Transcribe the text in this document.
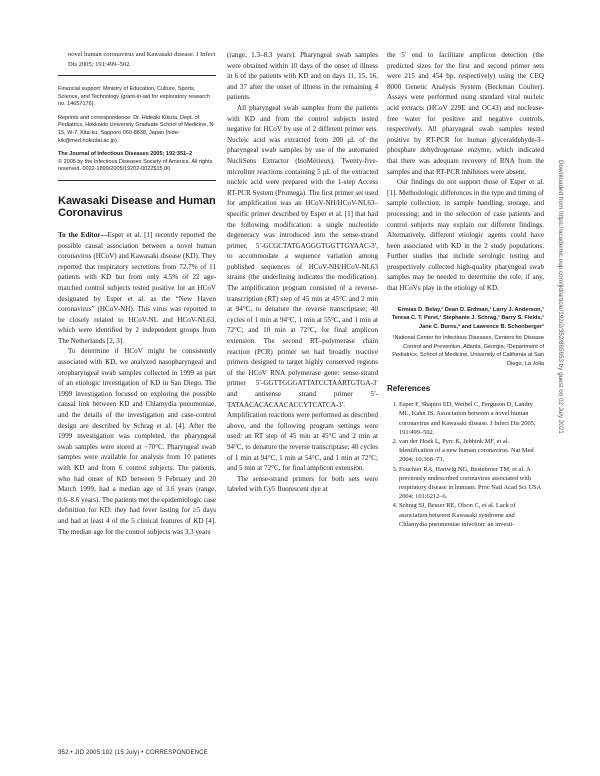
novel human coronavirus and Kawasaki disease. J Infect Dis 2005; 191:499–502.

Financial support: Ministry of Education, Culture, Sports, Science, and Technology (grant-in-aid for exploratory research no. 14657176).

Reprints and correspondence: Dr. Hideaki Kikuta, Dept. of Pediatrics, Hokkaido University Graduate School of Medicine, N-15, W-7, Kita-ku, Sapporo 060-8638, Japan (hide-kik@med.hokudai.ac.jp).

The Journal of Infectious Diseases 2005; 192:351–2
© 2005 by the Infectious Diseases Society of America. All rights reserved. 0022-1899/2005/19202-0022$15.00

Kawasaki Disease and Human Coronavirus

To the Editor—Esper et al. [1] recently reported the possible causal association between a novel human coronavirus (HCoV) and Kawasaki disease (KD). They reported that respiratory secretions from 72.7% of 11 patients with KD but from only 4.5% of 22 age-matched control subjects tested positive for an HCoV designated by Esper et al. as the “New Haven coronavirus” (HCoV-NH). This virus was reported to be closely related to HCoV-NL and HCoV-NL63, which were identified by 2 independent groups from The Netherlands [2, 3].

To determine if HCoV might be consistently associated with KD, we analyzed nasopharyngeal and oropharyngeal swab samples collected in 1999 as part of an etiologic investigation of KD in San Diego. The 1999 investigation focused on exploring the possible causal link between KD and Chlamydia pneumoniae, and the details of the investigation and case-control design are described by Schrag et al. [4]. After the 1999 investigation was completed, the pharyngeal swab samples were stored at −70°C. Pharyngeal swab samples were available for analysis from 10 patients with KD and from 6 control subjects. The patients, who had onset of KD between 9 February and 20 March 1999, had a median age of 3.6 years (range, 0.6–8.6 years). The patients met the epidemiologic case definition for KD: they had fever lasting for ≥5 days and had at least 4 of the 5 clinical features of KD [4]. The median age for the control subjects was 3.3 years

(range, 1.3–8.3 years). Pharyngeal swab samples were obtained within 10 days of the onset of illness in 6 of the patients with KD and on days 11, 15, 16, and 37 after the onset of illness in the remaining 4 patients.

All pharyngeal swab samples from the patients with KD and from the control subjects tested negative for HCoV by use of 2 different primer sets. Nucleic acid was extracted from 200 μL of the pharyngeal swab samples by use of the automated NucliSens Extractor (bioMérieux). Twenty-five-microliter reactions containing 5 μL of the extracted nucleic acid were prepared with the 1-step Access RT-PCR System (Promega). The first primer set used for amplification was an HCoV-NH/HCoV-NL63–specific primer described by Esper et al. [1] that had the following modification: a single nucleotide degeneracy was introduced into the sense-strand primer, 5′-GCGCTATGAGGGTGGTTGYAAC-3′, to accommodate a sequence variation among published sequences of HCoV-NH/HCoV-NL63 strains (the underlining indicates the modification). The amplification program consisted of a reverse-transcription (RT) step of 45 min at 45°C and 2 min at 94°C, to denature the reverse transcriptase; 40 cycles of 1 min at 94°C, 1 min at 55°C, and 1 min at 72°C; and 10 min at 72°C, for final amplicon extension. The second RT–polymerase chain reaction (PCR) primer set had broadly reactive primers designed to target highly conserved regions of the HCoV RNA polymerase gene: sense-strand primer 5′-GGTTGGGATTATCCTAARTGTGA-3′ and antisense strand primer 5′-TATAACACACAACACCYTCATCA-3′. Amplification reactions were performed as described above, and the following program settings were used: an RT step of 45 min at 45°C and 2 min at 94°C, to denature the reverse transcriptase; 40 cycles of 1 min at 94°C, 1 min at 54°C, and 1 min at 72°C; and 5 min at 72°C, for final amplicon extension.

The sense-strand primers for both sets were labeled with Cy5 fluorescent dye at

the 5′ end to facilitate amplicon detection (the predicted sizes for the first and second primer sets were 215 and 454 bp, respectively) using the CEQ 8000 Genetic Analysis System (Beckman Coulter). Assays were performed using standard viral nucleic acid extracts (HCoV 229E and OC43) and nuclease-free water for positive and negative controls, respectively. All pharyngeal swab samples tested positive by RT-PCR for human glyceraldehyde-3–phosphate dehydrogenase enzyme, which indicated that there was adequate recovery of RNA from the samples and that RT-PCR inhibitors were absent.

Our findings do not support those of Esper et al. [1]. Methodologic differences in the type and timing of sample collection; in sample handling, storage, and processing; and in the selection of case patients and control subjects may explain our different findings. Alternatively, different etiologic agents could have been associated with KD in the 2 study populations. Further studies that include serologic testing and prospectively collected high-quality pharyngeal swab samples may be needed to determine the role, if any, that HCoVs play in the etiology of KD.

Ermias D. Belay,¹ Dean D. Erdman,¹ Larry J. Anderson,¹ Teresa C. T. Peret,¹ Stephanie J. Schrag,¹ Barry S. Fields,¹ Jane C. Burns,² and Lawrence B. Schonberger¹
¹National Center for Infectious Diseases, Centers for Disease Control and Prevention, Atlanta, Georgia; ²Department of Pediatrics, School of Medicine, University of California at San Diego, La Jolla
References
1. Esper F, Shapiro ED, Weibel C, Ferguson D, Landry ML, Kahn JS. Association between a novel human coronavirus and Kawasaki disease. J Infect Dis 2005; 191:499–502.
2. van der Hoek L, Pyrc K, Jebbink MF, et al. Identification of a new human coronavirus. Nat Med 2004; 10:368–73.
3. Fouchier RA, Hartwig NG, Bestebroer TM, et al. A previously undescribed coronavirus associated with respiratory disease in humans. Proc Natl Acad Sci USA 2004; 101:6212–6.
4. Schrag SJ, Besser RE, Olson C, et al. Lack of association between Kawasaki syndrome and Chlamydia pneumoniae infection: an investi-
352 • JID 2005:192 (15 July) • CORRESPONDENCE
Downloaded from https://academic.oup.com/jid/article/192/2/352/865653 by guest on 02 July 2021
